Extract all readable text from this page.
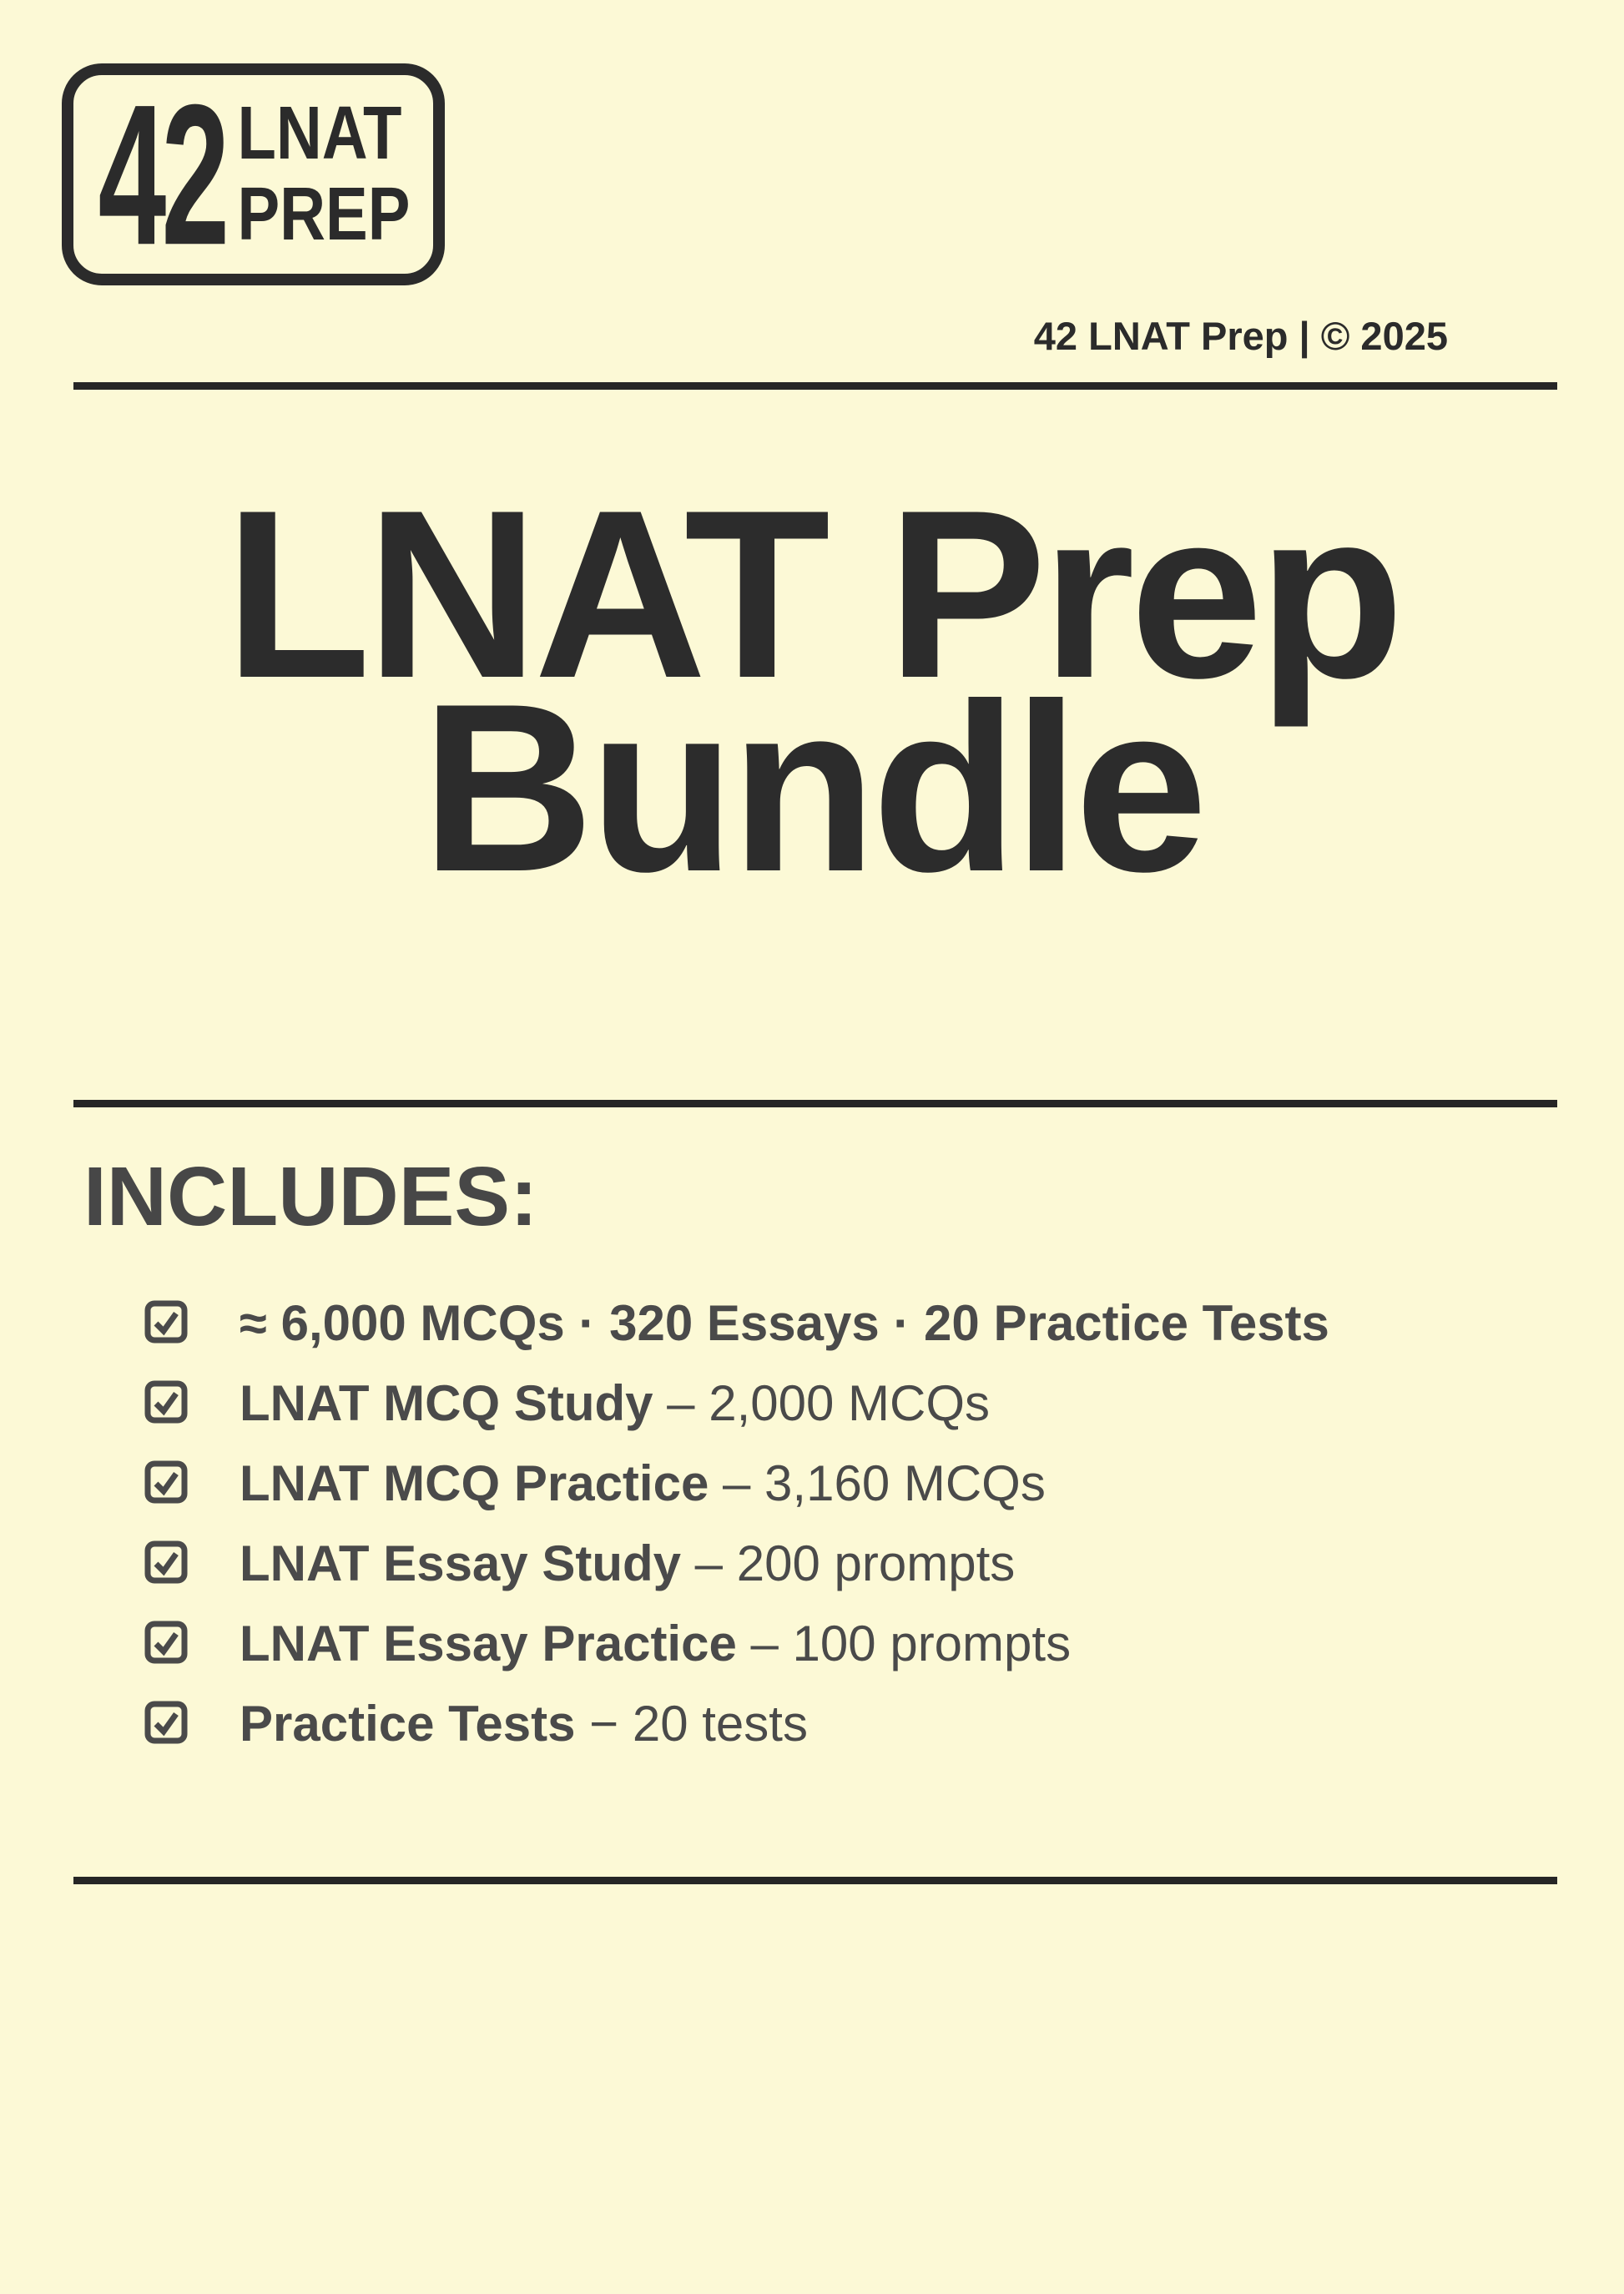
42 LNAT
PREP
42 LNAT Prep | © 2025
LNAT Prep
Bundle
INCLUDES:
≈ 6,000 MCQs · 320 Essays · 20 Practice Tests
LNAT MCQ Study – 2,000 MCQs
LNAT MCQ Practice – 3,160 MCQs
LNAT Essay Study – 200 prompts
LNAT Essay Practice – 100 prompts
Practice Tests − 20 tests
